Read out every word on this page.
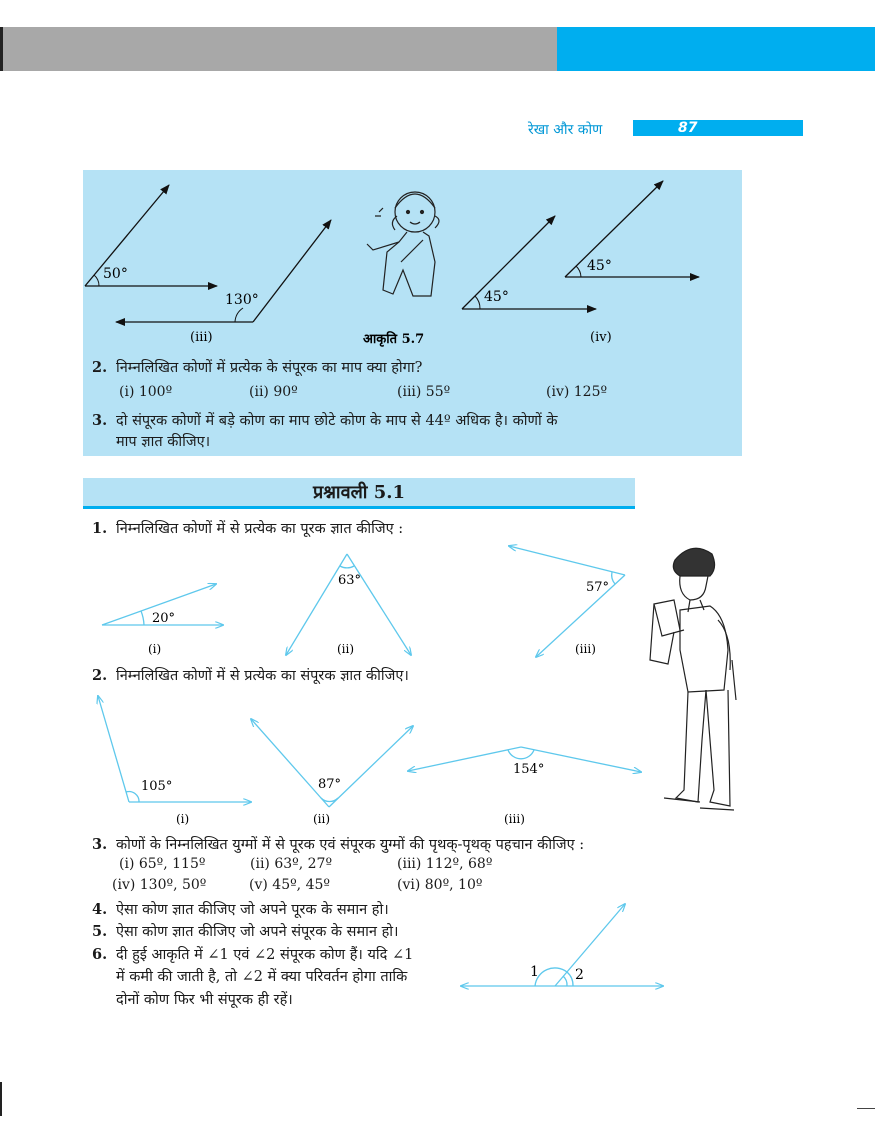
रेखा और कोण	87
50°
130°	45°
45°
(iii)	(iv)
आकृति 5.7
2. निम्नलिखित कोणों में प्रत्येक के संपूरक का माप क्या होगा?
(i) 100º	(ii) 90º	(iii) 55º	(iv) 125º
3. दो संपूरक कोणों में बड़े कोण का माप छोटे कोण के माप से 44º अधिक है। कोणों के
माप ज्ञात कीजिए।
प्रश्नावली 5.1
1. निम्नलिखित कोणों में से प्रत्येक का पूरक ज्ञात कीजिए :
20°
63°	57°
(i)	(ii)	(iii)
2. निम्नलिखित कोणों में से प्रत्येक का संपूरक ज्ञात कीजिए।
105°	87°
154°
(i)	(ii)	(iii)
3. कोणों के निम्नलिखित युग्मों में से पूरक एवं संपूरक युग्मों की पृथक्-पृथक् पहचान कीजिए :
(i) 65º, 115º	(ii) 63º, 27º	(iii) 112º, 68º
(iv) 130º, 50º	(v) 45º, 45º	(vi) 80º, 10º
4. ऐसा कोण ज्ञात कीजिए जो अपने पूरक के समान हो।
5. ऐसा कोण ज्ञात कीजिए जो अपने संपूरक के समान हो।
6. दी हुई आकृति में ∠1 एवं ∠2 संपूरक कोण हैं। यदि ∠1
में कमी की जाती है, तो ∠2 में क्या परिवर्तन होगा ताकि
दोनों कोण फिर भी संपूरक ही रहें।
1	2
